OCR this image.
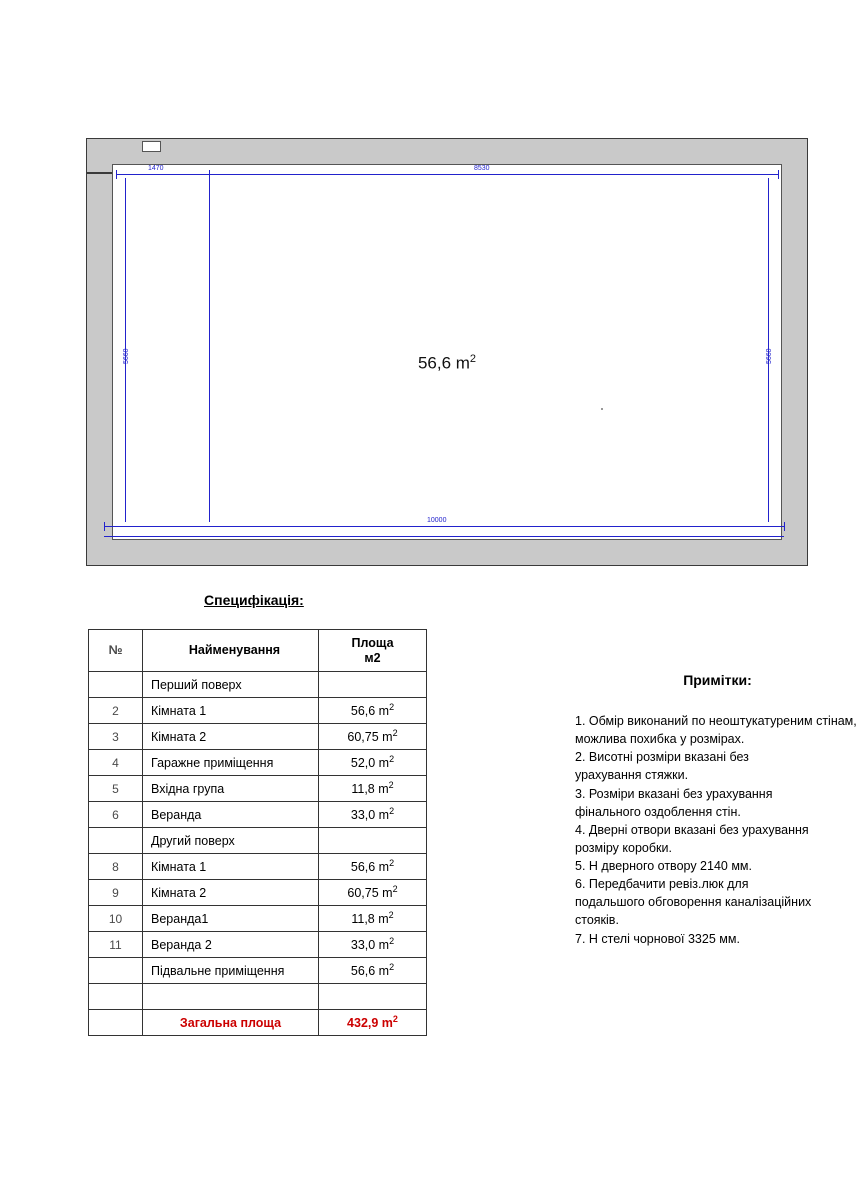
56,6 $m^2$
1470	8530
10000
5660	5660
Специфікація:
№	Найменування	Площа
м2

	Перший поверх	
2	Кімната 1	56,6 $m^2$
3	Кімната 2	60,75 $m^2$
4	Гаражне приміщення	52,0 $m^2$
5	Вхідна група	11,8 $m^2$
6	Веранда	33,0 $m^2$
	Другий поверх	
8	Кімната 1	56,6 $m^2$
9	Кімната 2	60,75 $m^2$
10	Веранда1	11,8 $m^2$
11	Веранда 2	33,0 $m^2$
	Підвальне приміщення	56,6 $m^2$

	Загальна площа	432,9 $m^2$
Примітки:
1. Обмір виконаний по неоштукатуреним стінам,
можлива похибка у розмірах.
2. Висотні розміри вказані без
урахування стяжки.
3. Розміри вказані без урахування
фінального оздоблення стін.
4. Дверні отвори вказані без урахування
розміру коробки.
5. Н дверного отвору 2140 мм.
6. Передбачити ревіз.люк для
подальшого обговорення каналізаційних
стояків.
7. Н стелі чорнової 3325 мм.
